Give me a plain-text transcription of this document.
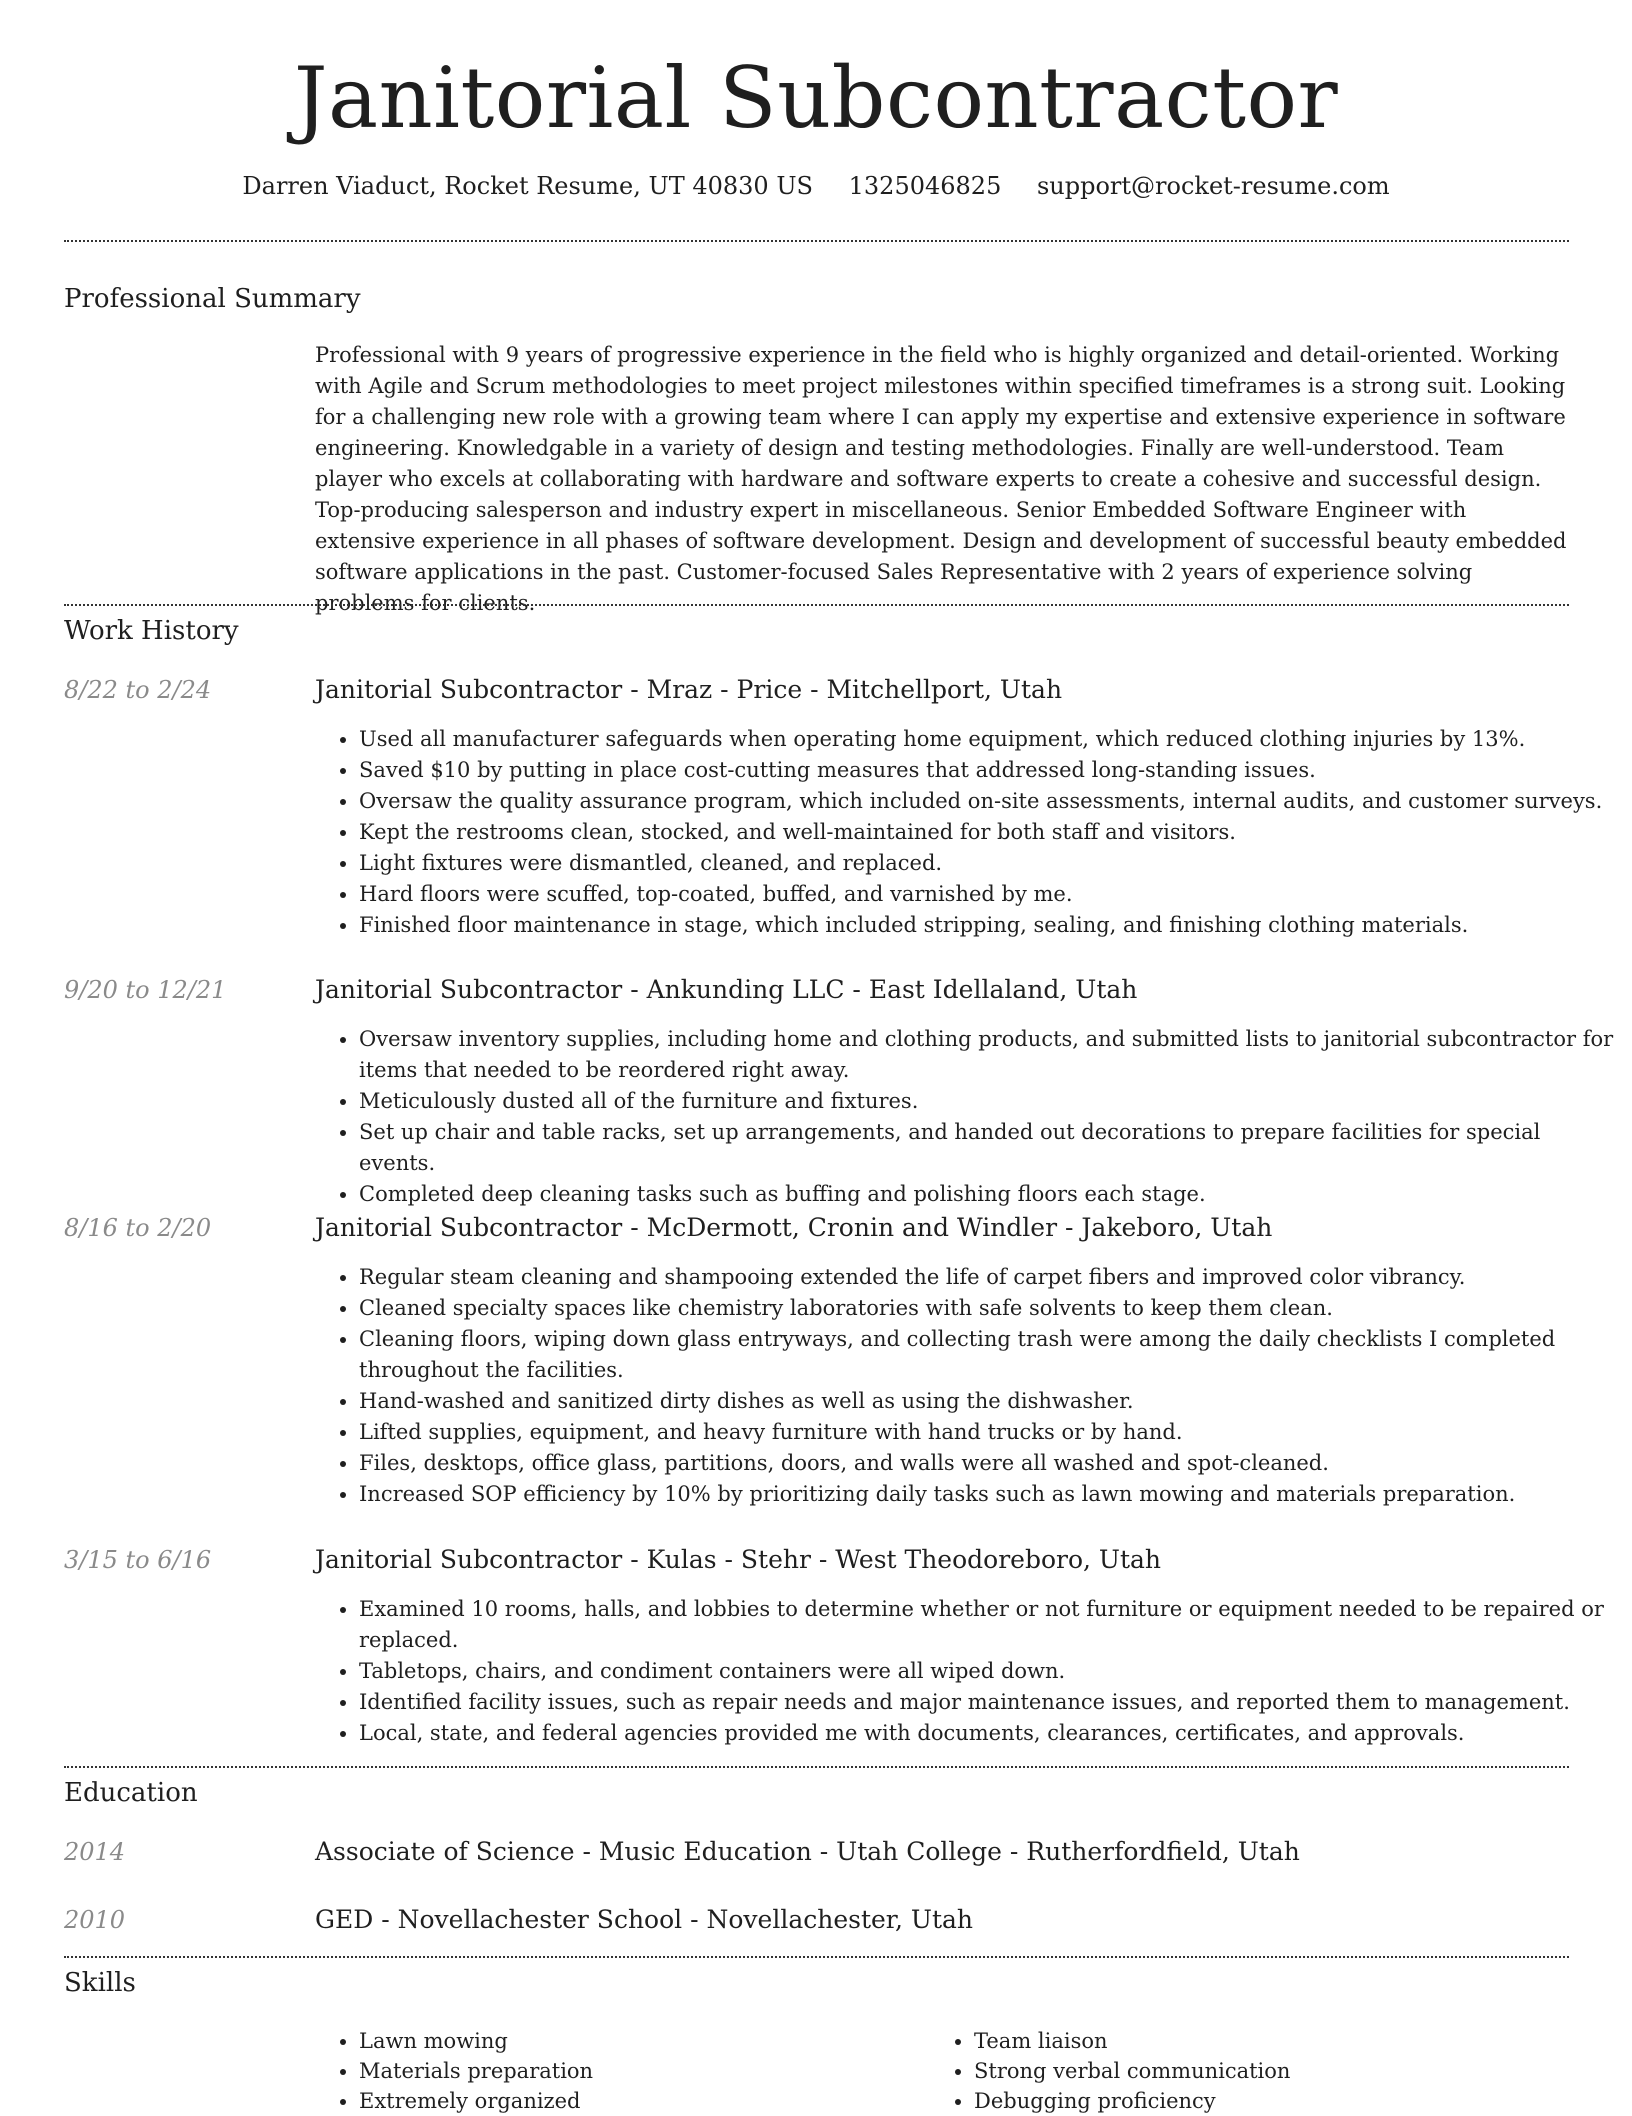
Janitorial Subcontractor
Darren Viaduct, Rocket Resume, UT 40830 US 1325046825 support@rocket-resume.com
Professional Summary

Professional with 9 years of progressive experience in the field who is highly organized and detail-oriented. Working with Agile and Scrum methodologies to meet project milestones within specified timeframes is a strong suit. Looking for a challenging new role with a growing team where I can apply my expertise and extensive experience in software engineering. Knowledgable in a variety of design and testing methodologies. Finally are well-understood. Team player who excels at collaborating with hardware and software experts to create a cohesive and successful design. Top-producing salesperson and industry expert in miscellaneous. Senior Embedded Software Engineer with extensive experience in all phases of software development. Design and development of successful beauty embedded software applications in the past. Customer-focused Sales Representative with 2 years of experience solving problems for clients.

Work History
8/22 to 2/24	Janitorial Subcontractor - Mraz - Price - Mitchellport, Utah
• Used all manufacturer safeguards when operating home equipment, which reduced clothing injuries by 13%.
• Saved $10 by putting in place cost-cutting measures that addressed long-standing issues.
• Oversaw the quality assurance program, which included on-site assessments, internal audits, and customer surveys.
• Kept the restrooms clean, stocked, and well-maintained for both staff and visitors.
• Light fixtures were dismantled, cleaned, and replaced.
• Hard floors were scuffed, top-coated, buffed, and varnished by me.
• Finished floor maintenance in stage, which included stripping, sealing, and finishing clothing materials.
9/20 to 12/21	Janitorial Subcontractor - Ankunding LLC - East Idellaland, Utah
• Oversaw inventory supplies, including home and clothing products, and submitted lists to janitorial subcontractor for items that needed to be reordered right away.
• Meticulously dusted all of the furniture and fixtures.
• Set up chair and table racks, set up arrangements, and handed out decorations to prepare facilities for special events.
• Completed deep cleaning tasks such as buffing and polishing floors each stage.
8/16 to 2/20	Janitorial Subcontractor - McDermott, Cronin and Windler - Jakeboro, Utah
• Regular steam cleaning and shampooing extended the life of carpet fibers and improved color vibrancy.
• Cleaned specialty spaces like chemistry laboratories with safe solvents to keep them clean.
• Cleaning floors, wiping down glass entryways, and collecting trash were among the daily checklists I completed throughout the facilities.
• Hand-washed and sanitized dirty dishes as well as using the dishwasher.
• Lifted supplies, equipment, and heavy furniture with hand trucks or by hand.
• Files, desktops, office glass, partitions, doors, and walls were all washed and spot-cleaned.
• Increased SOP efficiency by 10% by prioritizing daily tasks such as lawn mowing and materials preparation.
3/15 to 6/16	Janitorial Subcontractor - Kulas - Stehr - West Theodoreboro, Utah
• Examined 10 rooms, halls, and lobbies to determine whether or not furniture or equipment needed to be repaired or replaced.
• Tabletops, chairs, and condiment containers were all wiped down.
• Identified facility issues, such as repair needs and major maintenance issues, and reported them to management.
• Local, state, and federal agencies provided me with documents, clearances, certificates, and approvals.
Education
2014	Associate of Science - Music Education - Utah College - Rutherfordfield, Utah
2010	GED - Novellachester School - Novellachester, Utah
Skills
• Lawn mowing
• Materials preparation
• Extremely organized
• Team liaison
• Strong verbal communication
• Debugging proficiency
